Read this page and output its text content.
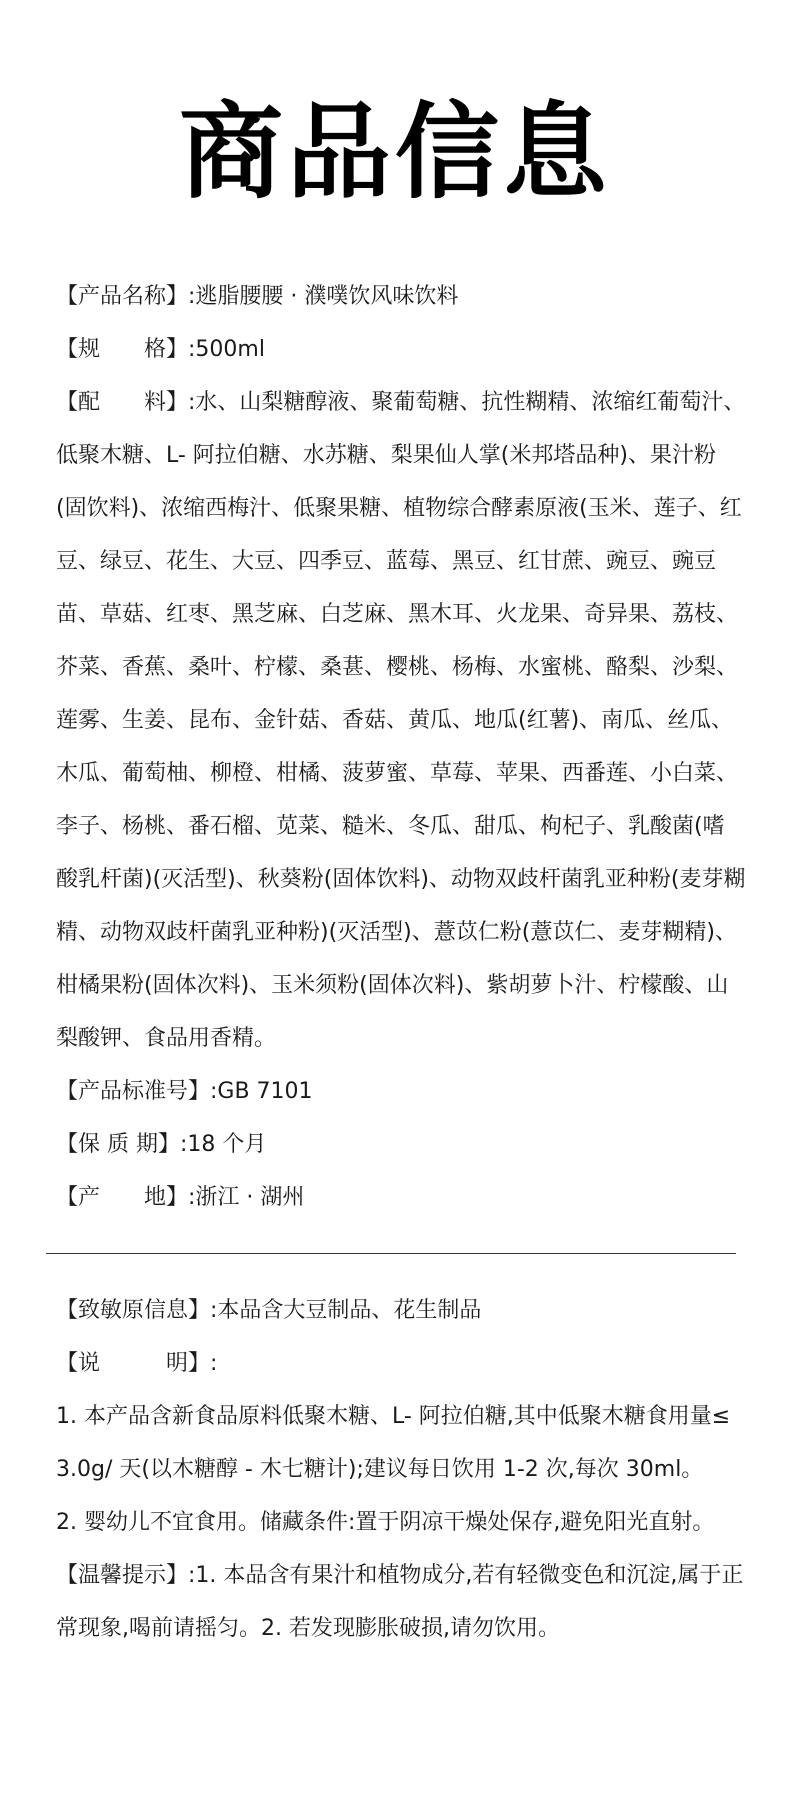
商品信息
【产品名称】:逃脂腰腰 · 濮噗饮风味饮料
【规　　格】:500ml
【配　　料】:水、山梨糖醇液、聚葡萄糖、抗性糊精、浓缩红葡萄汁、低聚木糖、L- 阿拉伯糖、水苏糖、梨果仙人掌(米邦塔品种)、果汁粉(固饮料)、浓缩西梅汁、低聚果糖、植物综合酵素原液(玉米、莲子、红豆、绿豆、花生、大豆、四季豆、蓝莓、黑豆、红甘蔗、豌豆、豌豆苗、草菇、红枣、黑芝麻、白芝麻、黑木耳、火龙果、奇异果、荔枝、芥菜、香蕉、桑叶、柠檬、桑葚、樱桃、杨梅、水蜜桃、酪梨、沙梨、莲雾、生姜、昆布、金针菇、香菇、黄瓜、地瓜(红薯)、南瓜、丝瓜、木瓜、葡萄柚、柳橙、柑橘、菠萝蜜、草莓、苹果、西番莲、小白菜、李子、杨桃、番石榴、苋菜、糙米、冬瓜、甜瓜、枸杞子、乳酸菌(嗜酸乳杆菌)(灭活型)、秋葵粉(固体饮料)、动物双歧杆菌乳亚种粉(麦芽糊精、动物双歧杆菌乳亚种粉)(灭活型)、薏苡仁粉(薏苡仁、麦芽糊精)、柑橘果粉(固体次料)、玉米须粉(固体次料)、紫胡萝卜汁、柠檬酸、山梨酸钾、食品用香精。
【产品标准号】:GB 7101
【保 质 期】:18 个月
【产　　地】:浙江 · 湖州
【致敏原信息】:本品含大豆制品、花生制品
【说　　　明】:
1. 本产品含新食品原料低聚木糖、L- 阿拉伯糖,其中低聚木糖食用量≤3.0g/ 天(以木糖醇 - 木七糖计);建议每日饮用 1-2 次,每次 30ml。
2. 婴幼儿不宜食用。储藏条件:置于阴凉干燥处保存,避免阳光直射。
【温馨提示】:1. 本品含有果汁和植物成分,若有轻微变色和沉淀,属于正常现象,喝前请摇匀。2. 若发现膨胀破损,请勿饮用。
